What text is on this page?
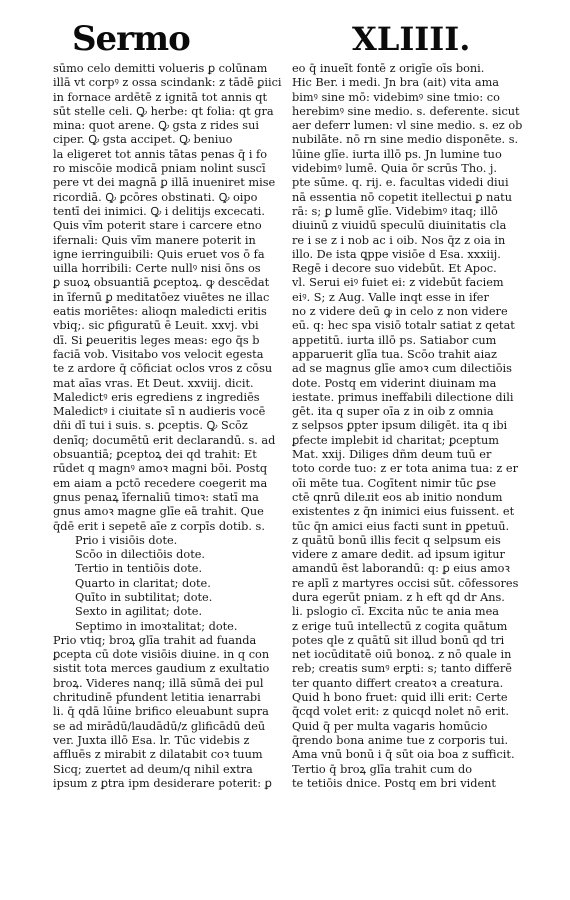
Sermo	XLIIII.
sūmo celo demitti volueris ꝑ colūnam
illā vt corpꝰ z ossa scindank: z tādē ꝑiici
in fornace ardētē z ignitā tot annis qt
sūt stelle celi. Ꝙ herbe: qt folia: qt gra
mina: quot arene. Ꝙ gsta z rides sui
ciper. Ꝙ gsta accipet. Ꝙ beniuo
la eligeret tot annis tātas penas q̄ i fo
ro miscōie modicā pniam nolint suscī
pere vt dei magnā ꝑ illā inueniret mise
ricordiā. Ꝙ ꝑcōres obstinati. Ꝙ oipo
tentī dei inimici. Ꝙ i delitijs excecati.
Quis vīm poterit stare i carcere etno
ifernali: Quis vīm manere poterit in
igne ierringuibili: Quis eruet vos ō fa
uilla horribili: Certe nullꝰ nisi ōns os
ꝑ suoꝝ obsuantiā ꝑceptoꝝ. ꝙ descēdat
in īfernū ꝑ meditatōez viuētes ne illac
eatis moriētes: alioqn maledicti eritis
vbiq;. sic ꝑfiguratū ē Leuit. xxvj. vbi
dī. Si ꝑeueritis leges meas: ego q̄s b
faciā vob. Visitabo vos velocit egesta
te z ardore q̄ cōficiat oclos vros z cōsu
mat aīas vras. Et Deut. xxviij. dicit.
Maledictꝰ eris egrediens z ingrediēs
Maledictꝰ i ciuitate sī n audieris vocē
dñi dī tui i suis. s. ꝑceptis. Ꝙ Scōz
denīq; documētū erit declarandū. s. ad
obsuantiā; ꝑceptoꝝ dei qd trahit: Et
rūdet q magnꝰ amoꝛ magni bōi. Postq
em aiam a pctō recedere coegerit ma
gnus penaꝝ īfernaliū timoꝛ: statī ma
gnus amoꝛ magne glīe eā trahit. Que
q̄dē erit i sepetē aīe z corpīs dotib. s.
Prio i visiōis dote.
Scōo in dilectiōis dote.
Tertio in tentiōis dote.
Quarto in claritat; dote.
Quīto in subtilitat; dote.
Sexto in agilitat; dote.
Septimo in imoꝛtalitat; dote.
Prio vtiq; broꝝ glīa trahit ad fuanda
ꝑcepta cū dote visiōis diuine. in q con
sistit tota merces gaudium z exultatio
broꝝ. Videres nanq; illā sūmā dei pul
chritudinē pfundent letitia ienarrabi
li. q̄ qdā lūine brifico eleuabunt supra
se ad mirādū/laudādū/z glificādū deū
ver. Juxta illō Esa. lr. Tūc videbis z
affluēs z mirabit z dilatabit coꝛ tuum
Sicq; zuertet ad deum/q nihil extra
ipsum z ꝑtra ipm desiderare poterit: ꝑ
eo q̄ inueīt fontē z origīe oīs boni.
Hic Ber. i medi. Jn bra (ait) vita ama
bimꝰ sine mō: videbimꝰ sine tmio: co
herebimꝰ sine medio. s. deferente. sicut
aer deferr lumen: vl sine medio. s. ez ob
nubilāte. nō rn sine medio disponēte. s.
lūine glīe. iurta illō ps. Jn lumine tuo
videbimꝰ lumē. Quia ōr scrūs Tho. j.
pte sūme. q. rij. e. facultas videdi diui
nā essentia nō copetit itellectui ꝑ natu
rā: s; ꝑ lumē glīe. Videbimꝰ itaq; illō
diuinū z viuidū speculū diuinitatis cla
re i se z i nob ac i oib. Nos q̄z z oia in
illo. De ista ꝗppe visiōe d̄ Esa. xxxiij.
Regē i decore suo videbūt. Et Apoc.
vl. Serui eiꝰ fuiet ei: z videbūt faciem
eiꝰ. S; z Aug. Valle inqt esse in ifer
no z videre deū ꝙ in celo z non videre
eū. q: hec spa visiō totalr satiat z qetat
appetitū. iurta illō ps. Satiabor cum
apparuerit glīa tua. Scōo trahit aiaz
ad se magnus glīe amoꝛ cum dilectiōis
dote. Postq em viderint diuinam ma
iestate. primus ineffabili dilectione dili
gēt. ita q super oīa z in oib z omnia
z selpsos ꝑpter ipsum diligēt. ita q ibi
ꝑfecte implebit id charitat; ꝑceptum
Mat. xxij. Diliges dñm deum tuū er
toto corde tuo: z er tota anima tua: z er
oīi mēte tua. Cogītent nimir tūc ꝑse
ctē qnrū dileɹit eos ab initio nondum
existentes z q̄n inimici eius fuissent. et
tūc q̄n amici eius facti sunt in ꝑpetuū.
z quātū bonū illis fecit q selpsum eis
videre z amare dedit. ad ipsum igitur
amandū ēst laborandū: q: ꝑ eius amoꝛ
re aplī z martyres occisi sūt. cōfessores
dura egerūt pniam. z h eft qd dr Ans.
li. pslogio cī. Excita nūc te ania mea
z erige tuū intellectū z cogita quātum
potes qle z quātū sit illud bonū qd tri
net iocūditatē oiū bonoꝝ. z nō quale in
reb; creatis sumꝰ erꝑti: s; tanto differē
ter quanto differt creatoꝛ a creatura.
Quid h bono fruet: quid illi erit: Certe
q̄cqd volet erit: z quicqd nolet nō erit.
Quid q̄ per multa vagaris homūcio
q̄rendo bona anime tue z corporis tui.
Ama vnū bonū i q̄ sūt oia boa z sufficit.
Tertio q̄ broꝝ glīa trahit cum do
te tetiōis dnice. Postq em bri vident
